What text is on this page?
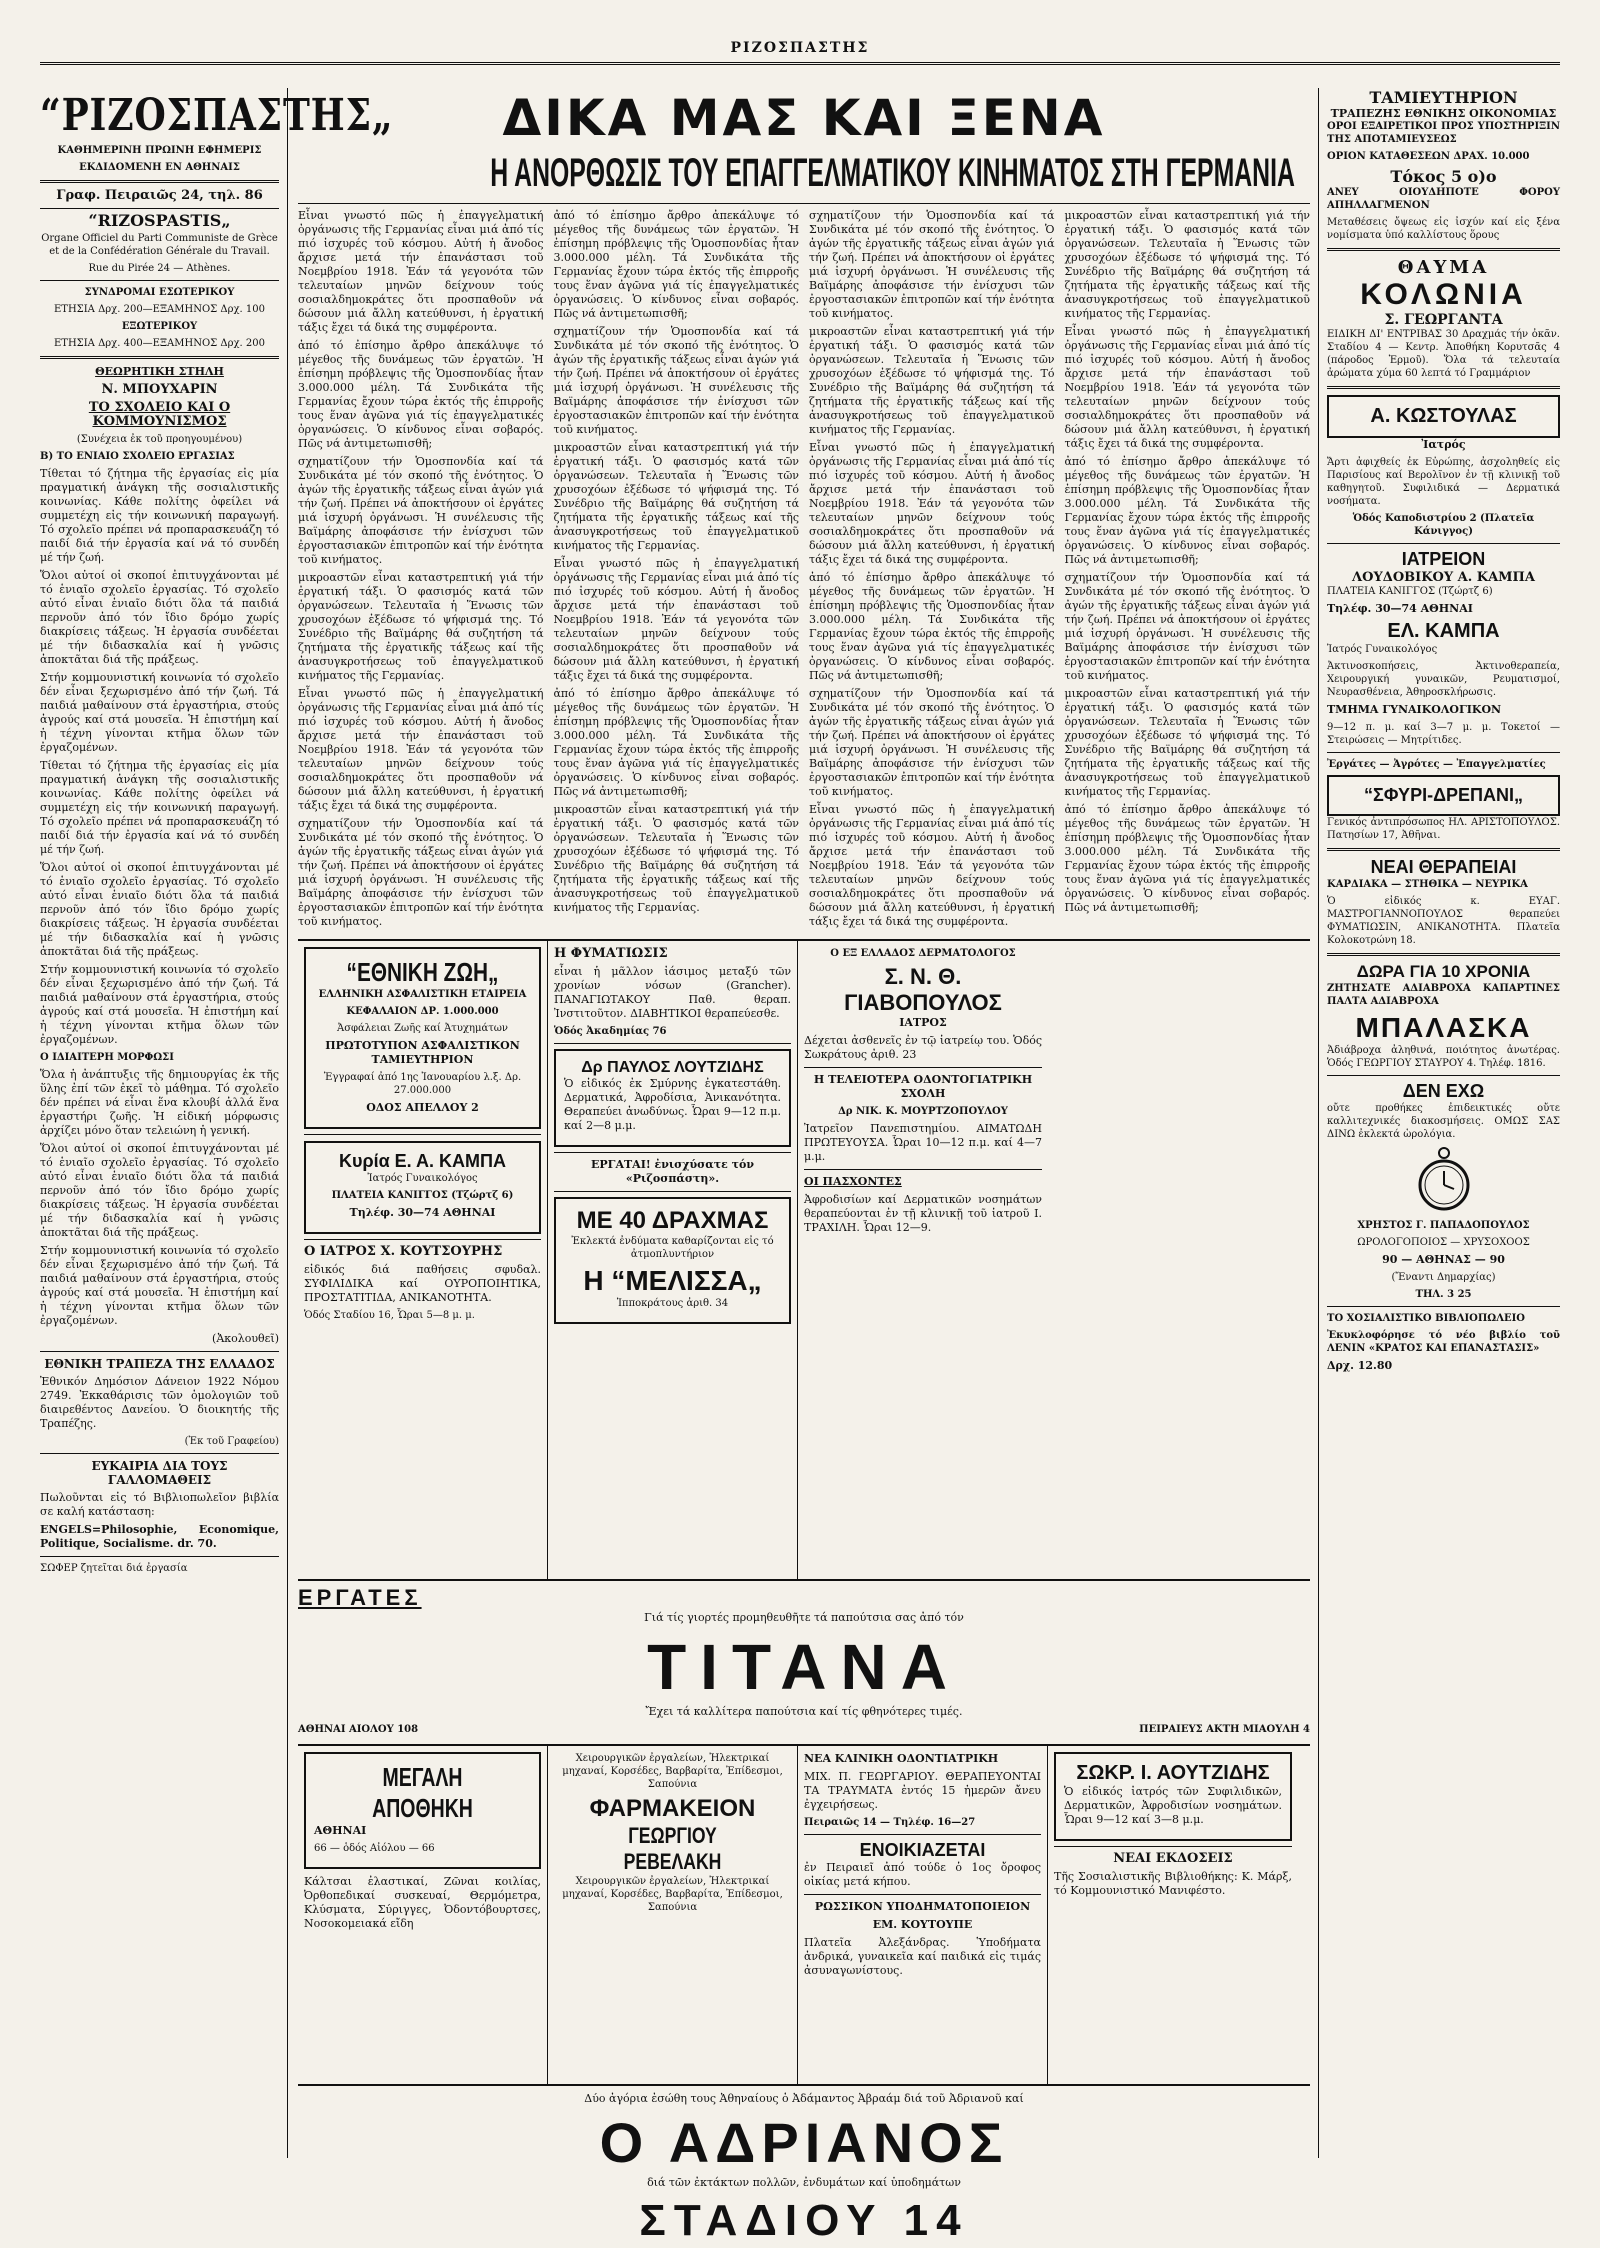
ΡΙΖΟΣΠΑΣΤΗΣ
“ΡΙΖΟΣΠΑΣΤΗΣ„
ΚΑΘΗΜΕΡΙΝΗ ΠΡΩΙΝΗ ΕΦΗΜΕΡΙΣ
ΕΚΔΙΔΟΜΕΝΗ ΕΝ ΑΘΗΝΑΙΣ
Γραφ. Πειραιῶς 24, τηλ. 86
“RIZOSPASTIS„
Organe Officiel du Parti Communiste de Grèce et de la Confédération Générale du Travail.
Rue du Pirée 24 — Athènes.
ΣΥΝΔΡΟΜΑΙ ΕΣΩΤΕΡΙΚΟΥ
ΕΤΗΣΙΑ Δρχ. 200—ΕΞΑΜΗΝΟΣ Δρχ. 100
ΕΞΩΤΕΡΙΚΟΥ
ΕΤΗΣΙΑ Δρχ. 400—ΕΞΑΜΗΝΟΣ Δρχ. 200
ΘΕΩΡΗΤΙΚΗ ΣΤΗΛΗ
Ν. ΜΠΟΥΧΑΡΙΝ
ΤΟ ΣΧΟΛΕΙΟ ΚΑΙ Ο ΚΟΜΜΟΥΝΙΣΜΟΣ
(Συνέχεια ἐκ τοῦ προηγουμένου)
Β) ΤΟ ΕΝΙΑΙΟ ΣΧΟΛΕΙΟ ΕΡΓΑΣΙΑΣ
Τίθεται τό ζήτημα τῆς ἐργασίας εἰς μία πραγματική ἀνάγκη τῆς σοσιαλιστικῆς κοινωνίας. Κάθε πολίτης ὀφείλει νά συμμετέχη εἰς τήν κοινωνική παραγωγή. Τό σχολεῖο πρέπει νά προπαρασκευάζη τό παιδί διά τήν ἐργασία καί νά τό συνδέη μέ τήν ζωή.
Ὅλοι αὐτοί οἱ σκοποί ἐπιτυγχάνονται μέ τό ἑνιαῖο σχολεῖο ἐργασίας. Τό σχολεῖο αὐτό εἶναι ἑνιαῖο διότι ὅλα τά παιδιά περνοῦν ἀπό τόν ἴδιο δρόμο χωρίς διακρίσεις τάξεως. Ἡ ἐργασία συνδέεται μέ τήν διδασκαλία καί ἡ γνῶσις ἀποκτᾶται διά τῆς πράξεως.
Στήν κομμουνιστική κοινωνία τό σχολεῖο δέν εἶναι ξεχωρισμένο ἀπό τήν ζωή. Τά παιδιά μαθαίνουν στά ἐργαστήρια, στούς ἀγρούς καί στά μουσεῖα. Ἡ ἐπιστήμη καί ἡ τέχνη γίνονται κτῆμα ὅλων τῶν ἐργαζομένων.
Τίθεται τό ζήτημα τῆς ἐργασίας εἰς μία πραγματική ἀνάγκη τῆς σοσιαλιστικῆς κοινωνίας. Κάθε πολίτης ὀφείλει νά συμμετέχη εἰς τήν κοινωνική παραγωγή. Τό σχολεῖο πρέπει νά προπαρασκευάζη τό παιδί διά τήν ἐργασία καί νά τό συνδέη μέ τήν ζωή.
Ὅλοι αὐτοί οἱ σκοποί ἐπιτυγχάνονται μέ τό ἑνιαῖο σχολεῖο ἐργασίας. Τό σχολεῖο αὐτό εἶναι ἑνιαῖο διότι ὅλα τά παιδιά περνοῦν ἀπό τόν ἴδιο δρόμο χωρίς διακρίσεις τάξεως. Ἡ ἐργασία συνδέεται μέ τήν διδασκαλία καί ἡ γνῶσις ἀποκτᾶται διά τῆς πράξεως.
Στήν κομμουνιστική κοινωνία τό σχολεῖο δέν εἶναι ξεχωρισμένο ἀπό τήν ζωή. Τά παιδιά μαθαίνουν στά ἐργαστήρια, στούς ἀγρούς καί στά μουσεῖα. Ἡ ἐπιστήμη καί ἡ τέχνη γίνονται κτῆμα ὅλων τῶν ἐργαζομένων.
Ο ΙΔΙΑΙΤΕΡΗ ΜΟΡΦΩΣΙ
Ὅλα ἡ ἀνάπτυξις τῆς δημιουργίας ἐκ τῆς ὕλης ἐπί τῶν ἐκεῖ τὸ μάθημα. Τό σχολεῖο δέν πρέπει νά εἶναι ἕνα κλουβί ἀλλά ἕνα ἐργαστήρι ζωῆς. Ἡ εἰδική μόρφωσις ἀρχίζει μόνο ὅταν τελειώνη ἡ γενική.
Ὅλοι αὐτοί οἱ σκοποί ἐπιτυγχάνονται μέ τό ἑνιαῖο σχολεῖο ἐργασίας. Τό σχολεῖο αὐτό εἶναι ἑνιαῖο διότι ὅλα τά παιδιά περνοῦν ἀπό τόν ἴδιο δρόμο χωρίς διακρίσεις τάξεως. Ἡ ἐργασία συνδέεται μέ τήν διδασκαλία καί ἡ γνῶσις ἀποκτᾶται διά τῆς πράξεως.
Στήν κομμουνιστική κοινωνία τό σχολεῖο δέν εἶναι ξεχωρισμένο ἀπό τήν ζωή. Τά παιδιά μαθαίνουν στά ἐργαστήρια, στούς ἀγρούς καί στά μουσεῖα. Ἡ ἐπιστήμη καί ἡ τέχνη γίνονται κτῆμα ὅλων τῶν ἐργαζομένων.
(Ἀκολουθεῖ)
ΕΘΝΙΚΗ ΤΡΑΠΕΖΑ ΤΗΣ ΕΛΛΑΔΟΣ
Ἐθνικόν Δημόσιον Δάνειον 1922 Νόμου 2749. Ἐκκαθάρισις τῶν ὁμολογιῶν τοῦ διαιρεθέντος Δανείου. Ὁ διοικητής τῆς Τραπέζης.
(Ἐκ τοῦ Γραφείου)
ΕΥΚΑΙΡΙΑ ΔΙΑ ΤΟΥΣ ΓΑΛΛΟΜΑΘΕΙΣ
Πωλοῦνται εἰς τό Βιβλιοπωλεῖον βιβλία σε καλή κατάσταση:
ENGELS=Philosophie, Economique, Politique, Socialisme. dr. 70.
ΣΩΦΕΡ ζητεῖται διά ἐργασία
ΔΙΚΑ ΜΑΣ ΚΑΙ ΞΕΝΑ
Η ΑΝΟΡΘΩΣΙΣ ΤΟΥ ΕΠΑΓΓΕΛΜΑΤΙΚΟΥ ΚΙΝΗΜΑΤΟΣ ΣΤΗ ΓΕΡΜΑΝΙΑ
Εἶναι γνωστό πῶς ἡ ἐπαγγελματική ὀργάνωσις τῆς Γερμανίας εἶναι μιά ἀπό τίς πιό ἰσχυρές τοῦ κόσμου. Αὐτή ἡ ἄνοδος ἄρχισε μετά τήν ἐπανάστασι τοῦ Νοεμβρίου 1918. Ἐάν τά γεγονότα τῶν τελευταίων μηνῶν δείχνουν τούς σοσιαλδημοκράτες ὅτι προσπαθοῦν νά δώσουν μιά ἄλλη κατεύθυνσι, ἡ ἐργατική τάξις ἔχει τά δικά της συμφέροντα.
ἀπό τό ἐπίσημο ἄρθρο ἀπεκάλυψε τό μέγεθος τῆς δυνάμεως τῶν ἐργατῶν. Ἡ ἐπίσημη πρόβλεψις τῆς Ὁμοσπονδίας ἦταν 3.000.000 μέλη. Τά Συνδικάτα τῆς Γερμανίας ἔχουν τώρα ἐκτός τῆς ἐπιρροῆς τους ἕναν ἀγῶνα γιά τίς ἐπαγγελματικές ὀργανώσεις. Ὁ κίνδυνος εἶναι σοβαρός. Πῶς νά ἀντιμετωπισθῆ;
σχηματίζουν τήν Ὁμοσπονδία καί τά Συνδικάτα μέ τόν σκοπό τῆς ἐνότητος. Ὁ ἀγών τῆς ἐργατικῆς τάξεως εἶναι ἀγών γιά τήν ζωή. Πρέπει νά ἀποκτήσουν οἱ ἐργάτες μιά ἰσχυρή ὀργάνωσι. Ἡ συνέλευσις τῆς Βαϊμάρης ἀποφάσισε τήν ἐνίσχυσι τῶν ἐργοστασιακῶν ἐπιτροπῶν καί τήν ἑνότητα τοῦ κινήματος.
μικροαστῶν εἶναι καταστρεπτική γιά τήν ἐργατική τάξι. Ὁ φασισμός κατά τῶν ὀργανώσεων. Τελευταῖα ἡ Ἕνωσις τῶν χρυσοχόων ἐξέδωσε τό ψήφισμά της. Τό Συνέδριο τῆς Βαϊμάρης θά συζητήση τά ζητήματα τῆς ἐργατικῆς τάξεως καί τῆς ἀνασυγκροτήσεως τοῦ ἐπαγγελματικοῦ κινήματος τῆς Γερμανίας.
Εἶναι γνωστό πῶς ἡ ἐπαγγελματική ὀργάνωσις τῆς Γερμανίας εἶναι μιά ἀπό τίς πιό ἰσχυρές τοῦ κόσμου. Αὐτή ἡ ἄνοδος ἄρχισε μετά τήν ἐπανάστασι τοῦ Νοεμβρίου 1918. Ἐάν τά γεγονότα τῶν τελευταίων μηνῶν δείχνουν τούς σοσιαλδημοκράτες ὅτι προσπαθοῦν νά δώσουν μιά ἄλλη κατεύθυνσι, ἡ ἐργατική τάξις ἔχει τά δικά της συμφέροντα.
σχηματίζουν τήν Ὁμοσπονδία καί τά Συνδικάτα μέ τόν σκοπό τῆς ἐνότητος. Ὁ ἀγών τῆς ἐργατικῆς τάξεως εἶναι ἀγών γιά τήν ζωή. Πρέπει νά ἀποκτήσουν οἱ ἐργάτες μιά ἰσχυρή ὀργάνωσι. Ἡ συνέλευσις τῆς Βαϊμάρης ἀποφάσισε τήν ἐνίσχυσι τῶν ἐργοστασιακῶν ἐπιτροπῶν καί τήν ἑνότητα τοῦ κινήματος.
ἀπό τό ἐπίσημο ἄρθρο ἀπεκάλυψε τό μέγεθος τῆς δυνάμεως τῶν ἐργατῶν. Ἡ ἐπίσημη πρόβλεψις τῆς Ὁμοσπονδίας ἦταν 3.000.000 μέλη. Τά Συνδικάτα τῆς Γερμανίας ἔχουν τώρα ἐκτός τῆς ἐπιρροῆς τους ἕναν ἀγῶνα γιά τίς ἐπαγγελματικές ὀργανώσεις. Ὁ κίνδυνος εἶναι σοβαρός. Πῶς νά ἀντιμετωπισθῆ;
σχηματίζουν τήν Ὁμοσπονδία καί τά Συνδικάτα μέ τόν σκοπό τῆς ἐνότητος. Ὁ ἀγών τῆς ἐργατικῆς τάξεως εἶναι ἀγών γιά τήν ζωή. Πρέπει νά ἀποκτήσουν οἱ ἐργάτες μιά ἰσχυρή ὀργάνωσι. Ἡ συνέλευσις τῆς Βαϊμάρης ἀποφάσισε τήν ἐνίσχυσι τῶν ἐργοστασιακῶν ἐπιτροπῶν καί τήν ἑνότητα τοῦ κινήματος.
μικροαστῶν εἶναι καταστρεπτική γιά τήν ἐργατική τάξι. Ὁ φασισμός κατά τῶν ὀργανώσεων. Τελευταῖα ἡ Ἕνωσις τῶν χρυσοχόων ἐξέδωσε τό ψήφισμά της. Τό Συνέδριο τῆς Βαϊμάρης θά συζητήση τά ζητήματα τῆς ἐργατικῆς τάξεως καί τῆς ἀνασυγκροτήσεως τοῦ ἐπαγγελματικοῦ κινήματος τῆς Γερμανίας.
Εἶναι γνωστό πῶς ἡ ἐπαγγελματική ὀργάνωσις τῆς Γερμανίας εἶναι μιά ἀπό τίς πιό ἰσχυρές τοῦ κόσμου. Αὐτή ἡ ἄνοδος ἄρχισε μετά τήν ἐπανάστασι τοῦ Νοεμβρίου 1918. Ἐάν τά γεγονότα τῶν τελευταίων μηνῶν δείχνουν τούς σοσιαλδημοκράτες ὅτι προσπαθοῦν νά δώσουν μιά ἄλλη κατεύθυνσι, ἡ ἐργατική τάξις ἔχει τά δικά της συμφέροντα.
ἀπό τό ἐπίσημο ἄρθρο ἀπεκάλυψε τό μέγεθος τῆς δυνάμεως τῶν ἐργατῶν. Ἡ ἐπίσημη πρόβλεψις τῆς Ὁμοσπονδίας ἦταν 3.000.000 μέλη. Τά Συνδικάτα τῆς Γερμανίας ἔχουν τώρα ἐκτός τῆς ἐπιρροῆς τους ἕναν ἀγῶνα γιά τίς ἐπαγγελματικές ὀργανώσεις. Ὁ κίνδυνος εἶναι σοβαρός. Πῶς νά ἀντιμετωπισθῆ;
μικροαστῶν εἶναι καταστρεπτική γιά τήν ἐργατική τάξι. Ὁ φασισμός κατά τῶν ὀργανώσεων. Τελευταῖα ἡ Ἕνωσις τῶν χρυσοχόων ἐξέδωσε τό ψήφισμά της. Τό Συνέδριο τῆς Βαϊμάρης θά συζητήση τά ζητήματα τῆς ἐργατικῆς τάξεως καί τῆς ἀνασυγκροτήσεως τοῦ ἐπαγγελματικοῦ κινήματος τῆς Γερμανίας.
σχηματίζουν τήν Ὁμοσπονδία καί τά Συνδικάτα μέ τόν σκοπό τῆς ἐνότητος. Ὁ ἀγών τῆς ἐργατικῆς τάξεως εἶναι ἀγών γιά τήν ζωή. Πρέπει νά ἀποκτήσουν οἱ ἐργάτες μιά ἰσχυρή ὀργάνωσι. Ἡ συνέλευσις τῆς Βαϊμάρης ἀποφάσισε τήν ἐνίσχυσι τῶν ἐργοστασιακῶν ἐπιτροπῶν καί τήν ἑνότητα τοῦ κινήματος.
μικροαστῶν εἶναι καταστρεπτική γιά τήν ἐργατική τάξι. Ὁ φασισμός κατά τῶν ὀργανώσεων. Τελευταῖα ἡ Ἕνωσις τῶν χρυσοχόων ἐξέδωσε τό ψήφισμά της. Τό Συνέδριο τῆς Βαϊμάρης θά συζητήση τά ζητήματα τῆς ἐργατικῆς τάξεως καί τῆς ἀνασυγκροτήσεως τοῦ ἐπαγγελματικοῦ κινήματος τῆς Γερμανίας.
Εἶναι γνωστό πῶς ἡ ἐπαγγελματική ὀργάνωσις τῆς Γερμανίας εἶναι μιά ἀπό τίς πιό ἰσχυρές τοῦ κόσμου. Αὐτή ἡ ἄνοδος ἄρχισε μετά τήν ἐπανάστασι τοῦ Νοεμβρίου 1918. Ἐάν τά γεγονότα τῶν τελευταίων μηνῶν δείχνουν τούς σοσιαλδημοκράτες ὅτι προσπαθοῦν νά δώσουν μιά ἄλλη κατεύθυνσι, ἡ ἐργατική τάξις ἔχει τά δικά της συμφέροντα.
ἀπό τό ἐπίσημο ἄρθρο ἀπεκάλυψε τό μέγεθος τῆς δυνάμεως τῶν ἐργατῶν. Ἡ ἐπίσημη πρόβλεψις τῆς Ὁμοσπονδίας ἦταν 3.000.000 μέλη. Τά Συνδικάτα τῆς Γερμανίας ἔχουν τώρα ἐκτός τῆς ἐπιρροῆς τους ἕναν ἀγῶνα γιά τίς ἐπαγγελματικές ὀργανώσεις. Ὁ κίνδυνος εἶναι σοβαρός. Πῶς νά ἀντιμετωπισθῆ;
σχηματίζουν τήν Ὁμοσπονδία καί τά Συνδικάτα μέ τόν σκοπό τῆς ἐνότητος. Ὁ ἀγών τῆς ἐργατικῆς τάξεως εἶναι ἀγών γιά τήν ζωή. Πρέπει νά ἀποκτήσουν οἱ ἐργάτες μιά ἰσχυρή ὀργάνωσι. Ἡ συνέλευσις τῆς Βαϊμάρης ἀποφάσισε τήν ἐνίσχυσι τῶν ἐργοστασιακῶν ἐπιτροπῶν καί τήν ἑνότητα τοῦ κινήματος.
Εἶναι γνωστό πῶς ἡ ἐπαγγελματική ὀργάνωσις τῆς Γερμανίας εἶναι μιά ἀπό τίς πιό ἰσχυρές τοῦ κόσμου. Αὐτή ἡ ἄνοδος ἄρχισε μετά τήν ἐπανάστασι τοῦ Νοεμβρίου 1918. Ἐάν τά γεγονότα τῶν τελευταίων μηνῶν δείχνουν τούς σοσιαλδημοκράτες ὅτι προσπαθοῦν νά δώσουν μιά ἄλλη κατεύθυνσι, ἡ ἐργατική τάξις ἔχει τά δικά της συμφέροντα.
μικροαστῶν εἶναι καταστρεπτική γιά τήν ἐργατική τάξι. Ὁ φασισμός κατά τῶν ὀργανώσεων. Τελευταῖα ἡ Ἕνωσις τῶν χρυσοχόων ἐξέδωσε τό ψήφισμά της. Τό Συνέδριο τῆς Βαϊμάρης θά συζητήση τά ζητήματα τῆς ἐργατικῆς τάξεως καί τῆς ἀνασυγκροτήσεως τοῦ ἐπαγγελματικοῦ κινήματος τῆς Γερμανίας.
Εἶναι γνωστό πῶς ἡ ἐπαγγελματική ὀργάνωσις τῆς Γερμανίας εἶναι μιά ἀπό τίς πιό ἰσχυρές τοῦ κόσμου. Αὐτή ἡ ἄνοδος ἄρχισε μετά τήν ἐπανάστασι τοῦ Νοεμβρίου 1918. Ἐάν τά γεγονότα τῶν τελευταίων μηνῶν δείχνουν τούς σοσιαλδημοκράτες ὅτι προσπαθοῦν νά δώσουν μιά ἄλλη κατεύθυνσι, ἡ ἐργατική τάξις ἔχει τά δικά της συμφέροντα.
ἀπό τό ἐπίσημο ἄρθρο ἀπεκάλυψε τό μέγεθος τῆς δυνάμεως τῶν ἐργατῶν. Ἡ ἐπίσημη πρόβλεψις τῆς Ὁμοσπονδίας ἦταν 3.000.000 μέλη. Τά Συνδικάτα τῆς Γερμανίας ἔχουν τώρα ἐκτός τῆς ἐπιρροῆς τους ἕναν ἀγῶνα γιά τίς ἐπαγγελματικές ὀργανώσεις. Ὁ κίνδυνος εἶναι σοβαρός. Πῶς νά ἀντιμετωπισθῆ;
σχηματίζουν τήν Ὁμοσπονδία καί τά Συνδικάτα μέ τόν σκοπό τῆς ἐνότητος. Ὁ ἀγών τῆς ἐργατικῆς τάξεως εἶναι ἀγών γιά τήν ζωή. Πρέπει νά ἀποκτήσουν οἱ ἐργάτες μιά ἰσχυρή ὀργάνωσι. Ἡ συνέλευσις τῆς Βαϊμάρης ἀποφάσισε τήν ἐνίσχυσι τῶν ἐργοστασιακῶν ἐπιτροπῶν καί τήν ἑνότητα τοῦ κινήματος.
μικροαστῶν εἶναι καταστρεπτική γιά τήν ἐργατική τάξι. Ὁ φασισμός κατά τῶν ὀργανώσεων. Τελευταῖα ἡ Ἕνωσις τῶν χρυσοχόων ἐξέδωσε τό ψήφισμά της. Τό Συνέδριο τῆς Βαϊμάρης θά συζητήση τά ζητήματα τῆς ἐργατικῆς τάξεως καί τῆς ἀνασυγκροτήσεως τοῦ ἐπαγγελματικοῦ κινήματος τῆς Γερμανίας.
ἀπό τό ἐπίσημο ἄρθρο ἀπεκάλυψε τό μέγεθος τῆς δυνάμεως τῶν ἐργατῶν. Ἡ ἐπίσημη πρόβλεψις τῆς Ὁμοσπονδίας ἦταν 3.000.000 μέλη. Τά Συνδικάτα τῆς Γερμανίας ἔχουν τώρα ἐκτός τῆς ἐπιρροῆς τους ἕναν ἀγῶνα γιά τίς ἐπαγγελματικές ὀργανώσεις. Ὁ κίνδυνος εἶναι σοβαρός. Πῶς νά ἀντιμετωπισθῆ;
“ΕΘΝΙΚΗ ΖΩΗ„
ΕΛΛΗΝΙΚΗ ΑΣΦΑΛΙΣΤΙΚΗ ΕΤΑΙΡΕΙΑ
ΚΕΦΑΛΑΙΟΝ ΔΡ. 1.000.000
Ἀσφάλειαι Ζωῆς καί Ἀτυχημάτων
ΠΡΩΤΟΤΥΠΟΝ ΑΣΦΑΛΙΣΤΙΚΟΝ ΤΑΜΙΕΥΤΗΡΙΟΝ
Ἐγγραφαί ἀπό 1ης Ἰανουαρίου λ.ξ. Δρ. 27.000.000
ΟΔΟΣ ΑΠΕΛΛΟΥ 2
Κυρία Ε. Α. ΚΑΜΠΑ
Ἰατρός Γυναικολόγος
ΠΛΑΤΕΙΑ ΚΑΝΙΓΓΟΣ (Τζώρτζ 6)
Τηλέφ. 30—74 ΑΘΗΝΑΙ
Ο ΙΑΤΡΟΣ Χ. ΚΟΥΤΣΟΥΡΗΣ
εἰδικός διά παθήσεις σφυδαλ. ΣΥΦΙΛΙΔΙΚΑ καί ΟΥΡΟΠΟΙΗΤΙΚΑ, ΠΡΟΣΤΑΤΙΤΙΔΑ, ΑΝΙΚΑΝΟΤΗΤΑ.
Ὁδός Σταδίου 16, Ὧραι 5—8 μ. μ.
Η ΦΥΜΑΤΙΩΣΙΣ
εἶναι ἡ μᾶλλον ἰάσιμος μεταξύ τῶν χρονίων νόσων (Grancher). ΠΑΝΑΓΙΩΤΑΚΟΥ Παθ. θεραπ. Ἰνστιτοῦτον. ΔΙΑΒΗΤΙΚΟΙ θεραπεύεσθε.
Ὁδός Ἀκαδημίας 76
Δρ ΠΑΥΛΟΣ ΛΟΥΤΖΙΔΗΣ
Ὁ εἰδικός ἐκ Σμύρνης ἐγκατεστάθη. Δερματικά, Ἀφροδίσια, Ἀνικανότητα. Θεραπεύει ἀνωδύνως. Ὧραι 9—12 π.μ. καί 2—8 μ.μ.
ΕΡΓΑΤΑΙ! ἐνισχύσατε τόν «Ριζοσπάστη».
ΜΕ 40 ΔΡΑΧΜΑΣ
Ἐκλεκτά ἐνδύματα καθαρίζονται εἰς τό ἀτμοπλυντήριον
Η “ΜΕΛΙΣΣΑ„
Ἱπποκράτους ἀριθ. 34
Ο ΕΞ ΕΛΛΑΔΟΣ ΔΕΡΜΑΤΟΛΟΓΟΣ
Σ. Ν. Θ. ΓΙΑΒΟΠΟΥΛΟΣ
ΙΑΤΡΟΣ
Δέχεται ἀσθενεῖς ἐν τῷ ἰατρείῳ του. Ὁδός Σωκράτους ἀριθ. 23
Η ΤΕΛΕΙΟΤΕΡΑ ΟΔΟΝΤΟΓΙΑΤΡΙΚΗ ΣΧΟΛΗ
Δρ ΝΙΚ. Κ. ΜΟΥΡΤΖΟΠΟΥΛΟΥ
Ἰατρεῖον Πανεπιστημίου. ΑΙΜΑΤΩΔΗ ΠΡΩΤΕΥΟΥΣΑ. Ὧραι 10—12 π.μ. καί 4—7 μ.μ.
ΟΙ ΠΑΣΧΟΝΤΕΣ
Ἀφροδισίων καί Δερματικῶν νοσημάτων θεραπεύονται ἐν τῇ κλινικῇ τοῦ ἰατροῦ Ι. ΤΡΑΧΙΛΗ. Ὧραι 12—9.
ΕΡΓΑΤΕΣ
Γιά τίς γιορτές προμηθευθῆτε τά παπούτσια σας ἀπό τόν
ΤΙΤΑΝΑ
Ἔχει τά καλλίτερα παπούτσια καί τίς φθηνότερες τιμές.
ΑΘΗΝΑΙ ΑΙΟΛΟΥ 108	ΠΕΙΡΑΙΕΥΣ ΑΚΤΗ ΜΙΑΟΥΛΗ 4
ΜΕΓΑΛΗ ΑΠΟΘΗΚΗ
ΑΘΗΝΑΙ
66 — ὁδός Αἰόλου — 66
Κάλτσαι ἐλαστικαί, Ζῶναι κοιλίας, Ὀρθοπεδικαί συσκευαί, Θερμόμετρα, Κλύσματα, Σύριγγες, Ὀδοντόβουρτσες, Νοσοκομειακά εἴδη
Χειρουργικῶν ἐργαλείων, Ἠλεκτρικαί μηχαναί, Κορσέδες, Βαρβαρίτα, Ἐπίδεσμοι, Σαπούνια
ΦΑΡΜΑΚΕΙΟΝ
ΓΕΩΡΓΙΟΥ ΡΕΒΕΛΑΚΗ
Χειρουργικῶν ἐργαλείων, Ἠλεκτρικαί μηχαναί, Κορσέδες, Βαρβαρίτα, Ἐπίδεσμοι, Σαπούνια
ΝΕΑ ΚΛΙΝΙΚΗ ΟΔΟΝΤΙΑΤΡΙΚΗ
ΜΙΧ. Π. ΓΕΩΡΓΑΡΙΟΥ. ΘΕΡΑΠΕΥΟΝΤΑΙ ΤΑ ΤΡΑΥΜΑΤΑ ἐντός 15 ἡμερῶν ἄνευ ἐγχειρήσεως.
Πειραιῶς 14 — Τηλέφ. 16—27
ΕΝΟΙΚΙΑΖΕΤΑΙ
ἐν Πειραιεῖ ἀπό τούδε ὁ 1ος ὄροφος οἰκίας μετά κήπου.
ΡΩΣΣΙΚΟΝ ΥΠΟΔΗΜΑΤΟΠΟΙΕΙΟΝ
ΕΜ. ΚΟΥΤΟΥΠΕ
Πλατεῖα Ἀλεξάνδρας. Ὑποδήματα ἀνδρικά, γυναικεῖα καί παιδικά εἰς τιμάς ἀσυναγωνίστους.
ΣΩΚΡ. Ι. ΑΟΥΤΖΙΔΗΣ
Ὁ εἰδικός ἰατρός τῶν Συφιλιδικῶν, Δερματικῶν, Ἀφροδισίων νοσημάτων. Ὧραι 9—12 καί 3—8 μ.μ.
ΝΕΑΙ ΕΚΔΟΣΕΙΣ
Τῆς Σοσιαλιστικῆς Βιβλιοθήκης: Κ. Μάρξ, τό Κομμουνιστικό Μανιφέστο.
Δύο ἀγόρια ἐσώθη τους Ἀθηναίους ὁ Ἀδάμαντος Ἀβραάμ διά τοῦ Ἀδριανοῦ καί
Ο ΑΔΡΙΑΝΟΣ
διά τῶν ἐκτάκτων πολλῶν, ἐνδυμάτων καί ὑποδημάτων
ΣΤΑΔΙΟΥ 14
ΤΑΜΙΕΥΤΗΡΙΟΝ
ΤΡΑΠΕΖΗΣ ΕΘΝΙΚΗΣ ΟΙΚΟΝΟΜΙΑΣ
ΟΡΟΙ ΕΞΑΙΡΕΤΙΚΟΙ ΠΡΟΣ ΥΠΟΣΤΗΡΙΞΙΝ ΤΗΣ ΑΠΟΤΑΜΙΕΥΣΕΩΣ
ΟΡΙΟΝ ΚΑΤΑΘΕΣΕΩΝ ΔΡΑΧ. 10.000
Τόκος 5 ο)ο
ΑΝΕΥ ΟΙΟΥΔΗΠΟΤΕ ΦΟΡΟΥ ΑΠΗΛΛΑΓΜΕΝΟΝ
Μεταθέσεις ὄψεως εἰς ἰσχύν καί εἰς ξένα νομίσματα ὑπό καλλίστους ὅρους
ΘΑΥΜΑ
ΚΟΛΩΝΙΑ
Σ. ΓΕΩΡΓΑΝΤΑ
ΕΙΔΙΚΗ ΔΙ' ΕΝΤΡΙΒΑΣ 30 Δραχμάς τήν ὀκᾶν. Σταδίου 4 — Κεντρ. Ἀποθήκη Κορυτσᾶς 4 (πάροδος Ἑρμοῦ). Ὅλα τά τελευταία ἀρώματα χύμα 60 λεπτά τό Γραμμάριον
Α. ΚΩΣΤΟΥΛΑΣ
Ἰατρός
Ἄρτι ἀφιχθείς ἐκ Εὐρώπης, ἀσχοληθείς εἰς Παρισίους καί Βερολῖνον ἐν τῇ κλινικῇ τοῦ καθηγητοῦ. Συφιλιδικά — Δερματικά νοσήματα.
Ὁδός Καποδιστρίου 2 (Πλατεῖα Κάνιγγος)
ΙΑΤΡΕΙΟΝ
ΛΟΥΔΟΒΙΚΟΥ Α. ΚΑΜΠΑ
ΠΛΑΤΕΙΑ ΚΑΝΙΓΓΟΣ (Τζώρτζ 6)
Τηλέφ. 30—74 ΑΘΗΝΑΙ
ΕΛ. ΚΑΜΠΑ
Ἰατρός Γυναικολόγος
Ἀκτινοσκοπήσεις, Ἀκτινοθεραπεία, Χειρουργική γυναικῶν, Ρευματισμοί, Νευρασθένεια, Ἀθηροσκλήρωσις.
ΤΜΗΜΑ ΓΥΝΑΙΚΟΛΟΓΙΚΟΝ
9—12 π. μ. καί 3—7 μ. μ. Τοκετοί — Στειρώσεις — Μητρίτιδες.
Ἐργάτες — Ἀγρότες — Ἐπαγγελματίες
“ΣΦΥΡΙ-ΔΡΕΠΑΝΙ„
Γενικός ἀντιπρόσωπος ΗΛ. ΑΡΙΣΤΟΠΟΥΛΟΣ. Πατησίων 17, Ἀθῆναι.
ΝΕΑΙ ΘΕΡΑΠΕΙΑΙ
ΚΑΡΔΙΑΚΑ — ΣΤΗΘΙΚΑ — ΝΕΥΡΙΚΑ
Ὁ εἰδικός κ. ΕΥΑΓ. ΜΑΣΤΡΟΓΙΑΝΝΟΠΟΥΛΟΣ θεραπεύει ΦΥΜΑΤΙΩΣΙΝ, ΑΝΙΚΑΝΟΤΗΤΑ. Πλατεῖα Κολοκοτρώνη 18.
ΔΩΡΑ ΓΙΑ 10 ΧΡΟΝΙΑ
ΖΗΤΗΣΑΤΕ ΑΔΙΑΒΡΟΧΑ ΚΑΠΑΡΤΙΝΕΣ ΠΑΛΤΑ ΑΔΙΑΒΡΟΧΑ
ΜΠΑΛΑΣΚΑ
Ἀδιάβροχα ἀληθινά, ποιότητος ἀνωτέρας. Ὁδός ΓΕΩΡΓΙΟΥ ΣΤΑΥΡΟΥ 4. Τηλέφ. 1816.
ΔΕΝ ΕΧΩ
οὔτε προθήκες ἐπιδεικτικές οὔτε καλλιτεχνικές διακοσμήσεις. ΟΜΩΣ ΣΑΣ ΔΙΝΩ ἐκλεκτά ὡρολόγια.
ΧΡΗΣΤΟΣ Γ. ΠΑΠΑΔΟΠΟΥΛΟΣ
ΩΡΟΛΟΓΟΠΟΙΟΣ — ΧΡΥΣΟΧΟΟΣ
90 — ΑΘΗΝΑΣ — 90
(Ἔναντι Δημαρχίας)
ΤΗΛ. 3 25
ΤΟ ΧΟΣΙΑΛΙΣΤΙΚΟ ΒΙΒΛΙΟΠΩΛΕΙΟ
Ἐκυκλοφόρησε τό νέο βιβλίο τοῦ ΛΕΝΙΝ «ΚΡΑΤΟΣ ΚΑΙ ΕΠΑΝΑΣΤΑΣΙΣ»
Δρχ. 12.80
